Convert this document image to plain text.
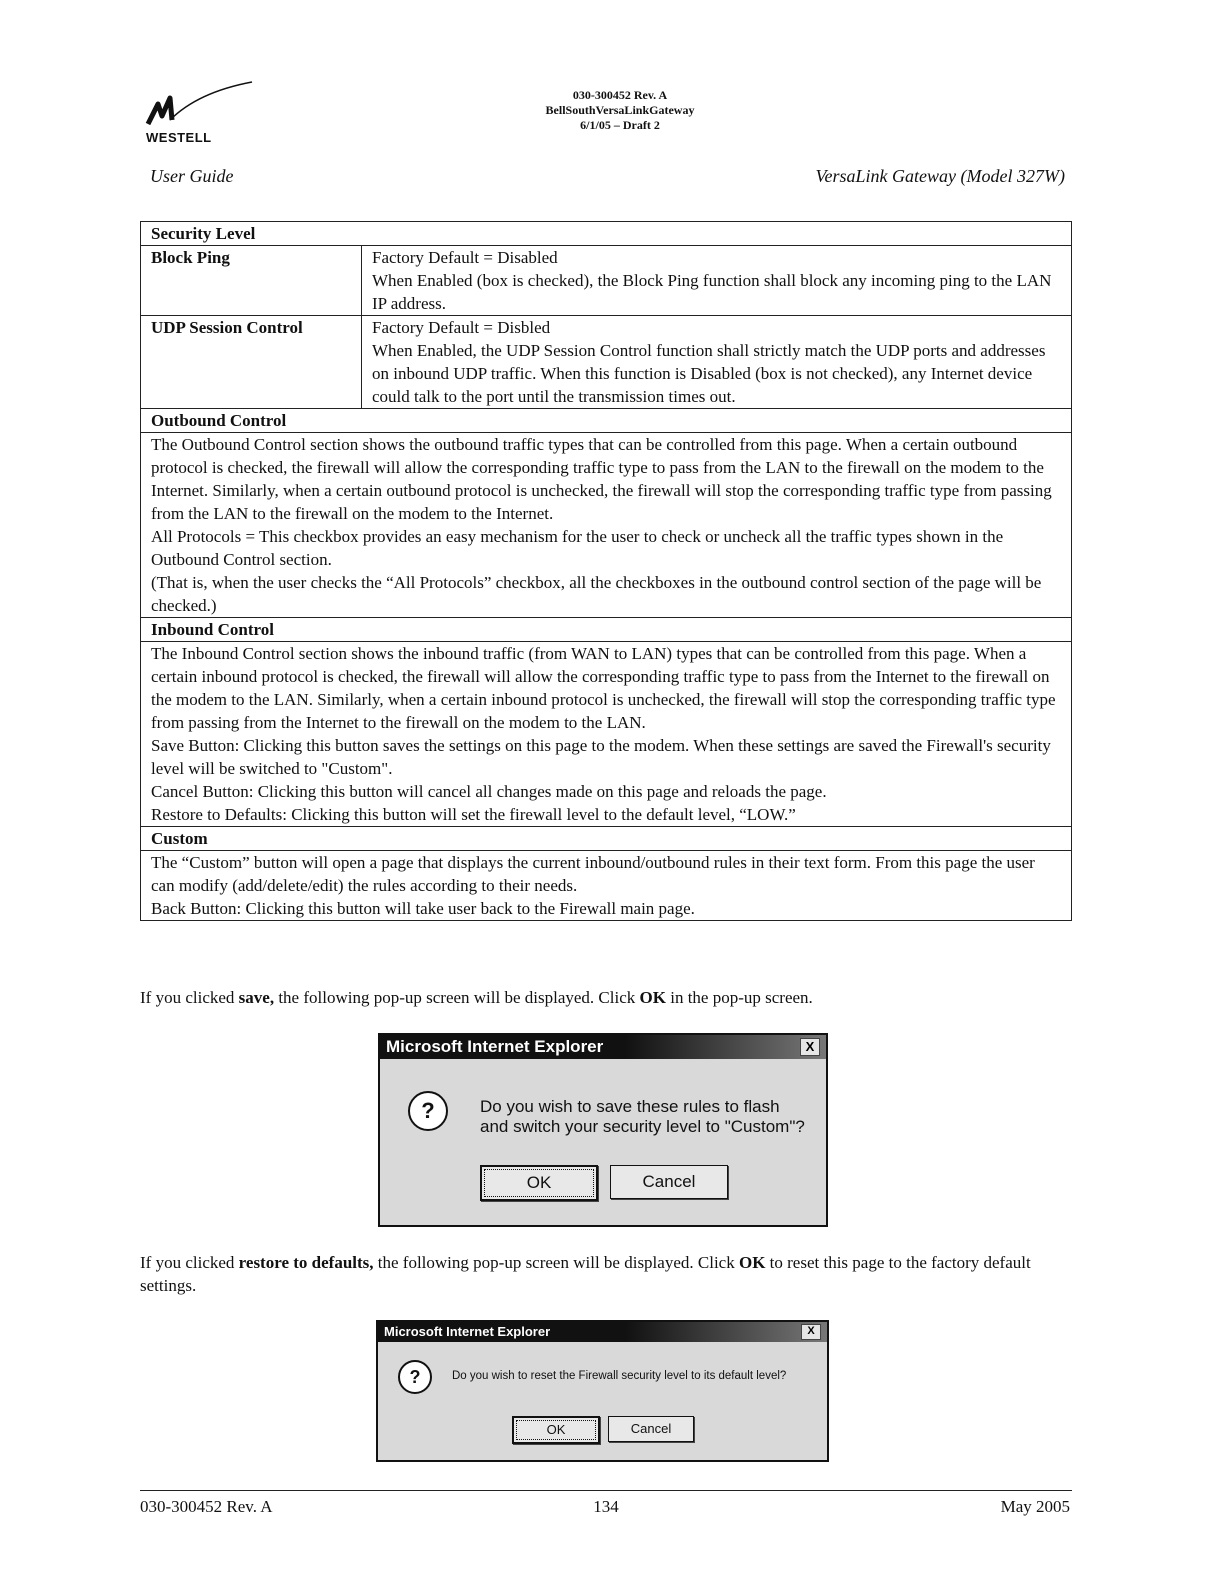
WESTELL
030-300452 Rev. A
BellSouthVersaLinkGateway
6/1/05 – Draft 2
User Guide	VersaLink Gateway (Model 327W)
Security Level	
Block Ping	Factory Default = Disabled
When Enabled (box is checked), the Block Ping function shall block any incoming ping to the LAN IP address.

UDP Session Control	Factory Default = Disbled
When Enabled, the UDP Session Control function shall strictly match the UDP ports and addresses on inbound UDP traffic. When this function is Disabled (box is not checked), any Internet device could talk to the port until the transmission times out.

Outbound Control	

The Outbound Control section shows the outbound traffic types that can be controlled from this page. When a certain outbound protocol is checked, the firewall will allow the corresponding traffic type to pass from the LAN to the firewall on the modem to the Internet. Similarly, when a certain outbound protocol is unchecked, the firewall will stop the corresponding traffic type from passing from the LAN to the firewall on the modem to the Internet.
All Protocols = This checkbox provides an easy mechanism for the user to check or uncheck all the traffic types shown in the Outbound Control section.
(That is, when the user checks the “All Protocols” checkbox, all the checkboxes in the outbound control section of the page will be checked.)	

Inbound Control	

The Inbound Control section shows the inbound traffic (from WAN to LAN) types that can be controlled from this page. When a certain inbound protocol is checked, the firewall will allow the corresponding traffic type to pass from the Internet to the firewall on the modem to the LAN. Similarly, when a certain inbound protocol is unchecked, the firewall will stop the corresponding traffic type from passing from the Internet to the firewall on the modem to the LAN.
Save Button: Clicking this button saves the settings on this page to the modem. When these settings are saved the Firewall's security level will be switched to "Custom".
Cancel Button: Clicking this button will cancel all changes made on this page and reloads the page.
Restore to Defaults: Clicking this button will set the firewall level to the default level, “LOW.”	

Custom	

The “Custom” button will open a page that displays the current inbound/outbound rules in their text form. From this page the user can modify (add/delete/edit) the rules according to their needs.
Back Button: Clicking this button will take user back to the Firewall main page.	
If you clicked save, the following pop-up screen will be displayed. Click OK in the pop-up screen.
Microsoft Internet Explorer	X
?	Do you wish to save these rules to flash
and switch your security level to "Custom"?
OK	Cancel
If you clicked restore to defaults, the following pop-up screen will be displayed. Click OK to reset this page to the factory default settings.
Microsoft Internet Explorer	X
?	Do you wish to reset the Firewall security level to its default level?
OK	Cancel
030-300452 Rev. A	134	May 2005
